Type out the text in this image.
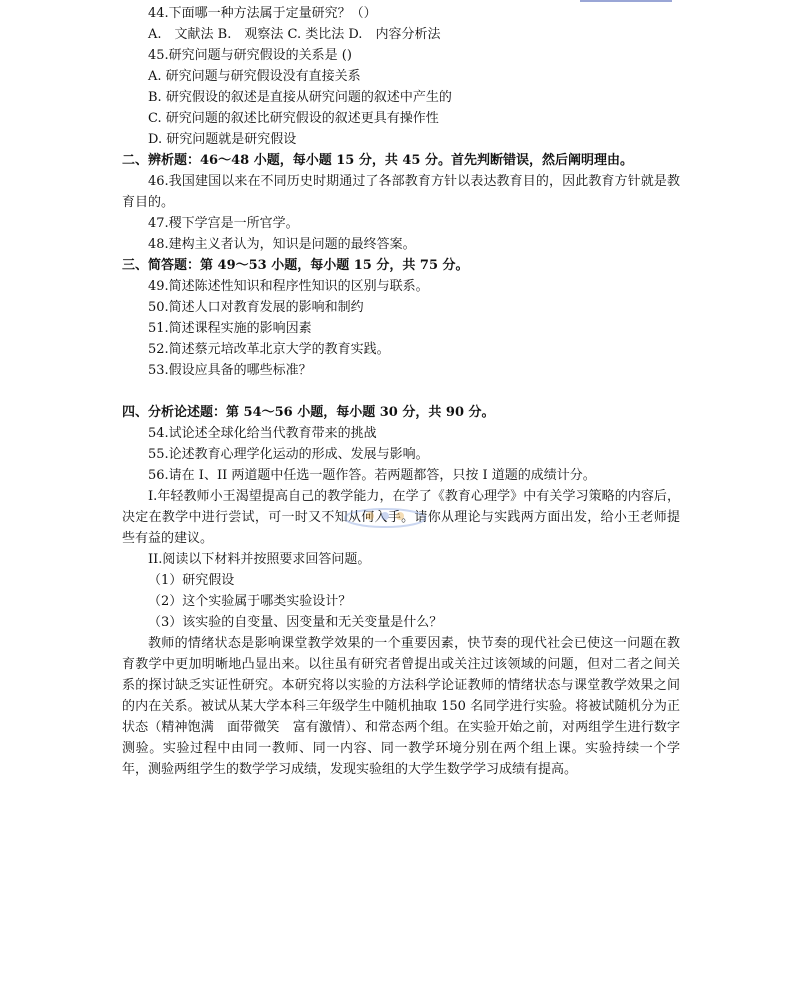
44.下面哪一种方法属于定量研究？（）
A.　文献法 B.　观察法 C. 类比法 D.　内容分析法
45.研究问题与研究假设的关系是 ()
A. 研究问题与研究假设没有直接关系
B. 研究假设的叙述是直接从研究问题的叙述中产生的
C. 研究问题的叙述比研究假设的叙述更具有操作性
D. 研究问题就是研究假设
二、辨析题：46～48 小题，每小题 15 分，共 45 分。首先判断错误，然后阐明理由。
46.我国建国以来在不同历史时期通过了各部教育方针以表达教育目的，因此教育方针就是教育目的。
47.稷下学宫是一所官学。
48.建构主义者认为，知识是问题的最终答案。
三、简答题：第 49～53 小题，每小题 15 分，共 75 分。
49.简述陈述性知识和程序性知识的区别与联系。
50.简述人口对教育发展的影响和制约
51.简述课程实施的影响因素
52.简述蔡元培改革北京大学的教育实践。
53.假设应具备的哪些标准？
四、分析论述题：第 54～56 小题，每小题 30 分，共 90 分。
54.试论述全球化给当代教育带来的挑战
55.论述教育心理学化运动的形成、发展与影响。
56.请在 I、II 两道题中任选一题作答。若两题都答，只按 I 道题的成绩计分。
I.年轻教师小王渴望提高自己的教学能力，在学了《教育心理学》中有关学习策略的内容后，决定在教学中进行尝试，可一时又不知从何入手。请你从理论与实践两方面出发，给小王老师提些有益的建议。
II.阅读以下材料并按照要求回答问题。
（1）研究假设
（2）这个实验属于哪类实验设计？
（3）该实验的自变量、因变量和无关变量是什么？
教师的情绪状态是影响课堂教学效果的一个重要因素，快节奏的现代社会已使这一问题在教育教学中更加明晰地凸显出来。以往虽有研究者曾提出或关注过该领域的问题，但对二者之间关系的探讨缺乏实证性研究。本研究将以实验的方法科学论证教师的情绪状态与课堂教学效果之间的内在关系。被试从某大学本科三年级学生中随机抽取 150 名同学进行实验。将被试随机分为正状态（精神饱满　面带微笑　富有激情）、和常态两个组。在实验开始之前，对两组学生进行数字测验。实验过程中由同一教师、同一内容、同一教学环境分别在两个组上课。实验持续一个学年，测验两组学生的数学学习成绩，发现实验组的大学生数学学习成绩有提高。
